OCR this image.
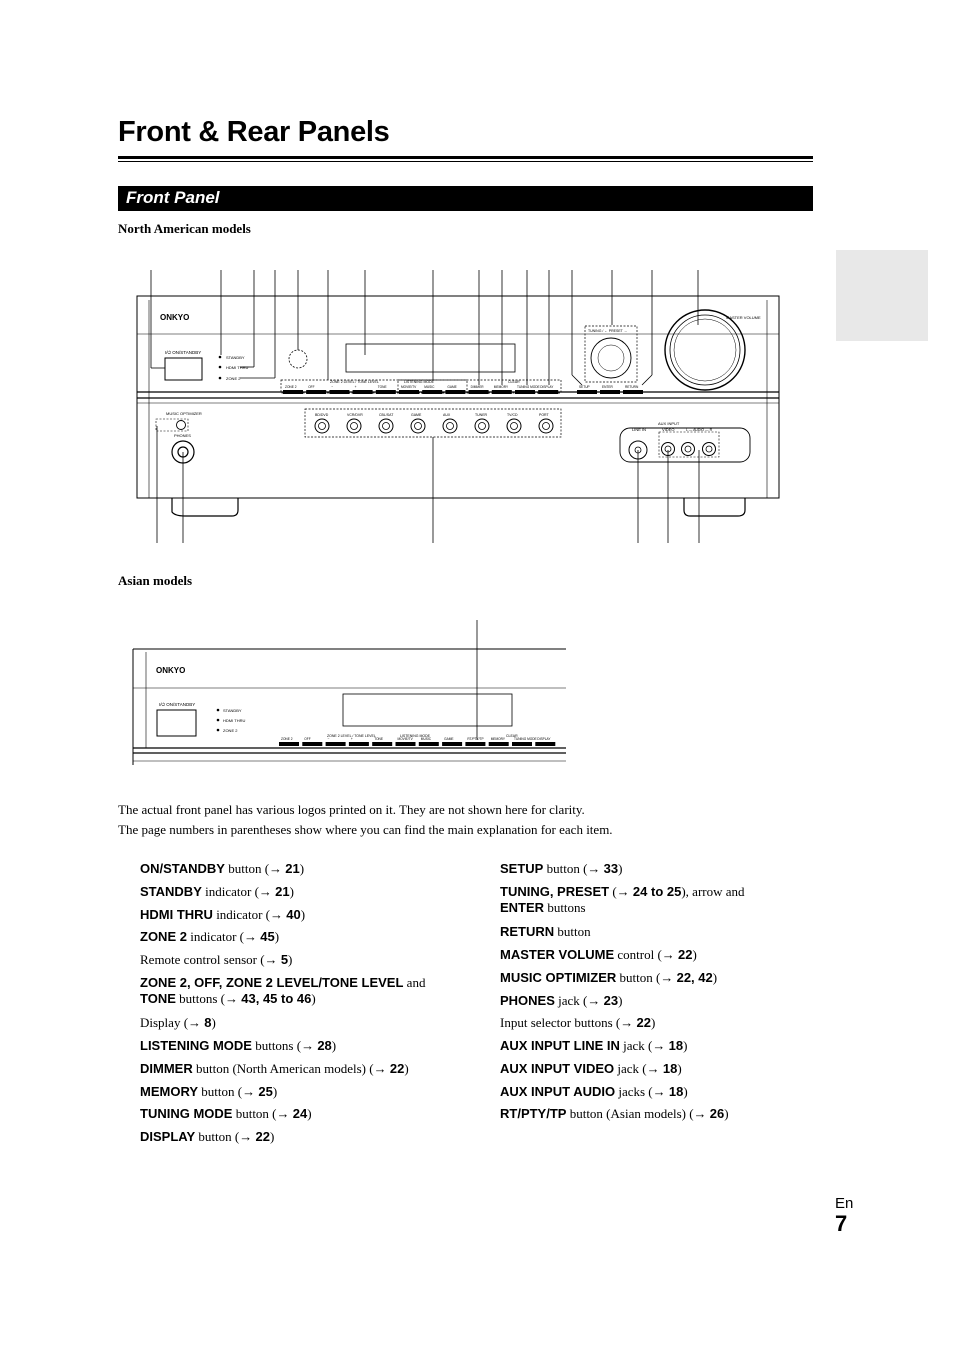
Front & Rear Panels
Front Panel
North American models
ONKYO
I/⏻ ON/STANDBY
STANDBY
HDMI THRU
ZONE 2
ZONE 2	OFF	−	+	TONE	MOVIE/TV MUSIC	GAME	DIMMER	MEMORY	TUNING MODE DISPLAY
ZONE 2 LEVEL / TONE LEVEL	LISTENING MODE	CLEAR
TUNING / ← PRESET →
SETUP	ENTER	RETURN
MASTER VOLUME
MUSIC OPTIMIZER
PHONES
BD/DVD	VCR/DVR	CBL/SAT	GAME	AUX	TUNER	TV/CD	PORT
AUX INPUT
LINE IN	VIDEO	L — AUDIO — R
Asian models
ONKYO
I/⏻ ON/STANDBY
STANDBY
HDMI THRU
ZONE 2
ZONE 2 LEVEL / TONE LEVEL	LISTENING MODE	CLEAR
ZONE 2	OFF	−	+	TONE	MOVIE/TV	MUSIC	GAME	RT/PTY/TP MEMORY	TUNING MODE DISPLAY
The actual front panel has various logos printed on it. They are not shown here for clarity.
The page numbers in parentheses show where you can find the main explanation for each item.
ON/STANDBY button (→ 21)
STANDBY indicator (→ 21)
HDMI THRU indicator (→ 40)
ZONE 2 indicator (→ 45)
Remote control sensor (→ 5)
ZONE 2, OFF, ZONE 2 LEVEL/TONE LEVEL and TONE buttons (→ 43, 45 to 46)
Display (→ 8)
LISTENING MODE buttons (→ 28)
DIMMER button (North American models) (→ 22)
MEMORY button (→ 25)
TUNING MODE button (→ 24)
DISPLAY button (→ 22)
SETUP button (→ 33)
TUNING, PRESET (→ 24 to 25), arrow and
ENTER buttons
RETURN button
MASTER VOLUME control (→ 22)
MUSIC OPTIMIZER button (→ 22, 42)
PHONES jack (→ 23)
Input selector buttons (→ 22)
AUX INPUT LINE IN jack (→ 18)
AUX INPUT VIDEO jack (→ 18)
AUX INPUT AUDIO jacks (→ 18)
RT/PTY/TP button (Asian models) (→ 26)
En
7
